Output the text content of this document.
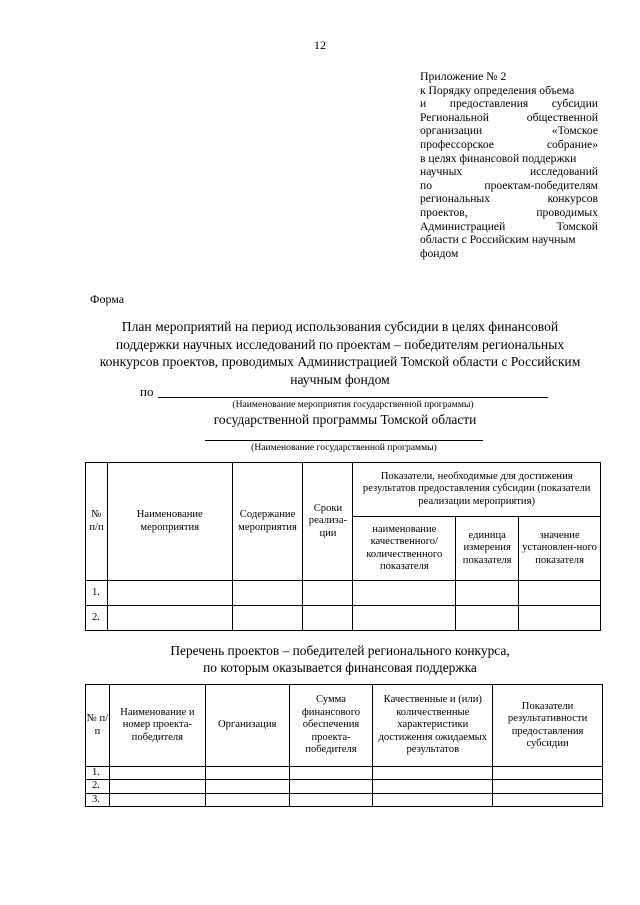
12
Приложение № 2
к Порядку определения объема
и предоставления субсидии
Региональной	общественной
организации	«Томское
профессорское	собрание»
в целях финансовой поддержки
научных	исследований
по	проектам-победителям
региональных	конкурсов
проектов,	проводимых
Администрацией	Томской
области с Российским научным
фондом
Форма
План мероприятий на период использования субсидии в целях финансовой
поддержки научных исследований по проектам – победителям региональных
конкурсов проектов, проводимых Администрацией Томской области с Российским
научным фондом
по
(Наименование мероприятия государственной программы)
государственной программы Томской области
(Наименование государственной программы)
№ п/п	Наименование мероприятия	Содержание мероприятия	Сроки реализа-ции	Показатели, необходимые для достижения результатов предоставления субсидии (показатели реализации мероприятия)		
				наименование качественного/ количественного показателя	единица измерения показателя	значение установлен-ного показателя
1.						
2.						
Перечень проектов – победителей регионального конкурса,
по которым оказывается финансовая поддержка
№ п/п	Наименование и номер проекта-победителя	Организация	Сумма финансового обеспечения проекта-победителя	Качественные и (или) количественные характеристики достижения ожидаемых результатов	Показатели результативности предоставления субсидии
1.					
2.					
3.					
